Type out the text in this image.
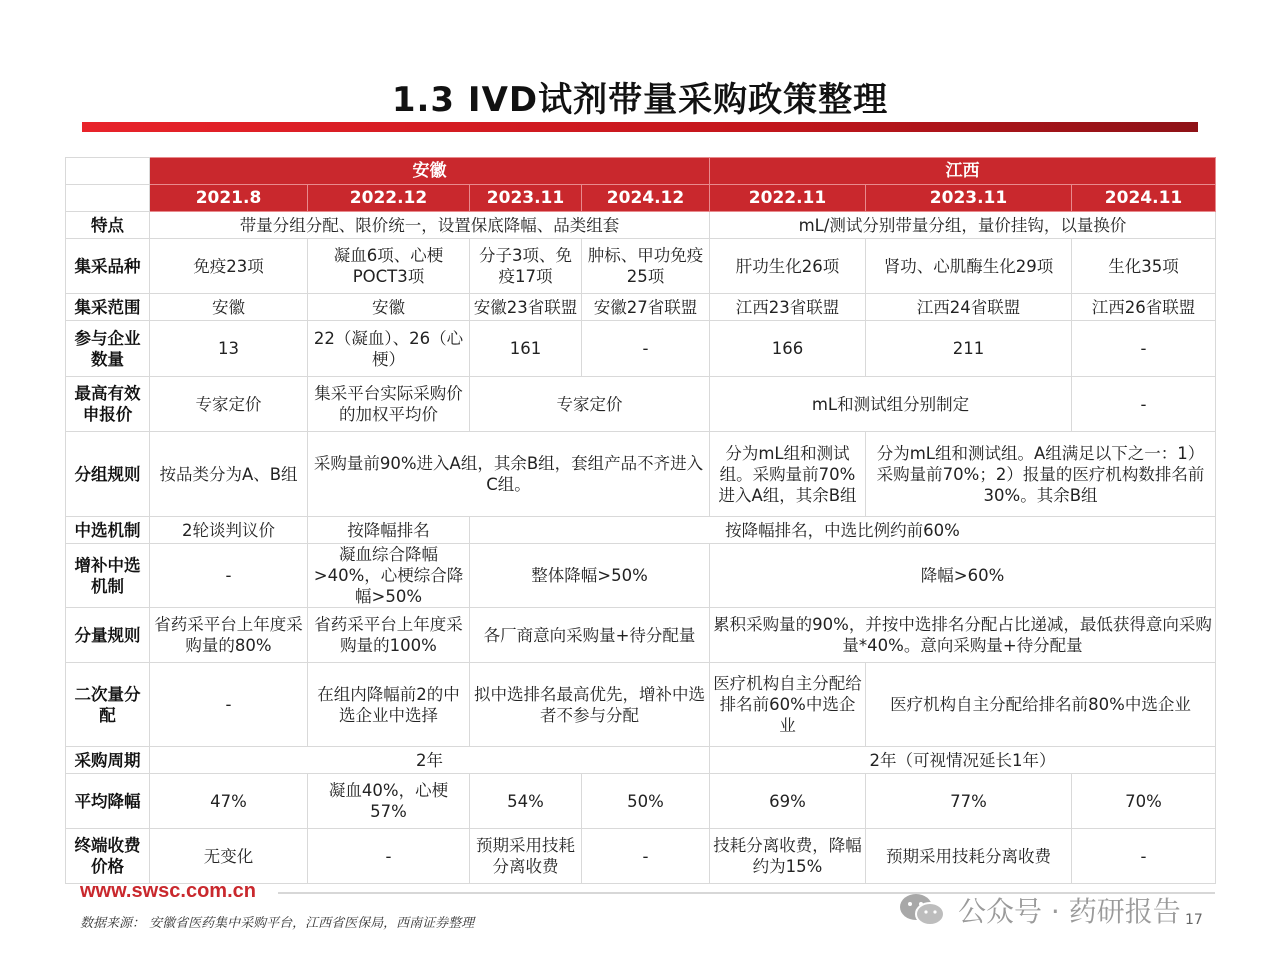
1.3 IVD试剂带量采购政策整理
	安徽				江西		
	2021.8	2022.12	2023.11	2024.12	2022.11	2023.11	2024.11
特点	带量分组分配、限价统一，设置保底降幅、品类组套				mL/测试分别带量分组，量价挂钩，以量换价		
集采品种	免疫23项	凝血6项、心梗POCT3项	分子3项、免疫17项	肿标、甲功免疫25项	肝功生化26项	肾功、心肌酶生化29项	生化35项
集采范围	安徽	安徽	安徽23省联盟	安徽27省联盟	江西23省联盟	江西24省联盟	江西26省联盟
参与企业数量	13	22（凝血）、26（心梗）	161	-	166	211	-
最高有效申报价	专家定价	集采平台实际采购价的加权平均价	专家定价		mL和测试组分别制定		-
分组规则	按品类分为A、B组	采购量前90%进入A组，其余B组，套组产品不齐进入C组。			分为mL组和测试组。采购量前70%进入A组，其余B组	分为mL组和测试组。A组满足以下之一：1）采购量前70%；2）报量的医疗机构数排名前30%。其余B组	
中选机制	2轮谈判议价	按降幅排名	按降幅排名，中选比例约前60%				
增补中选机制	-	凝血综合降幅>40%，心梗综合降幅>50%	整体降幅>50%		降幅>60%		
分量规则	省药采平台上年度采购量的80%	省药采平台上年度采购量的100%	各厂商意向采购量+待分配量		累积采购量的90%，并按中选排名分配占比递减，最低获得意向采购量*40%。意向采购量+待分配量		
二次量分配	-	在组内降幅前2的中选企业中选择	拟中选排名最高优先，增补中选者不参与分配		医疗机构自主分配给排名前60%中选企业	医疗机构自主分配给排名前80%中选企业	
采购周期	2年				2年（可视情况延长1年）		
平均降幅	47%	凝血40%，心梗57%	54%	50%	69%	77%	70%
终端收费价格	无变化	-	预期采用技耗分离收费	-	技耗分离收费，降幅约为15%	预期采用技耗分离收费	-
www.swsc.com.cn
数据来源： 安徽省医药集中采购平台，江西省医保局，西南证券整理	公众号 · 药研报告 17
